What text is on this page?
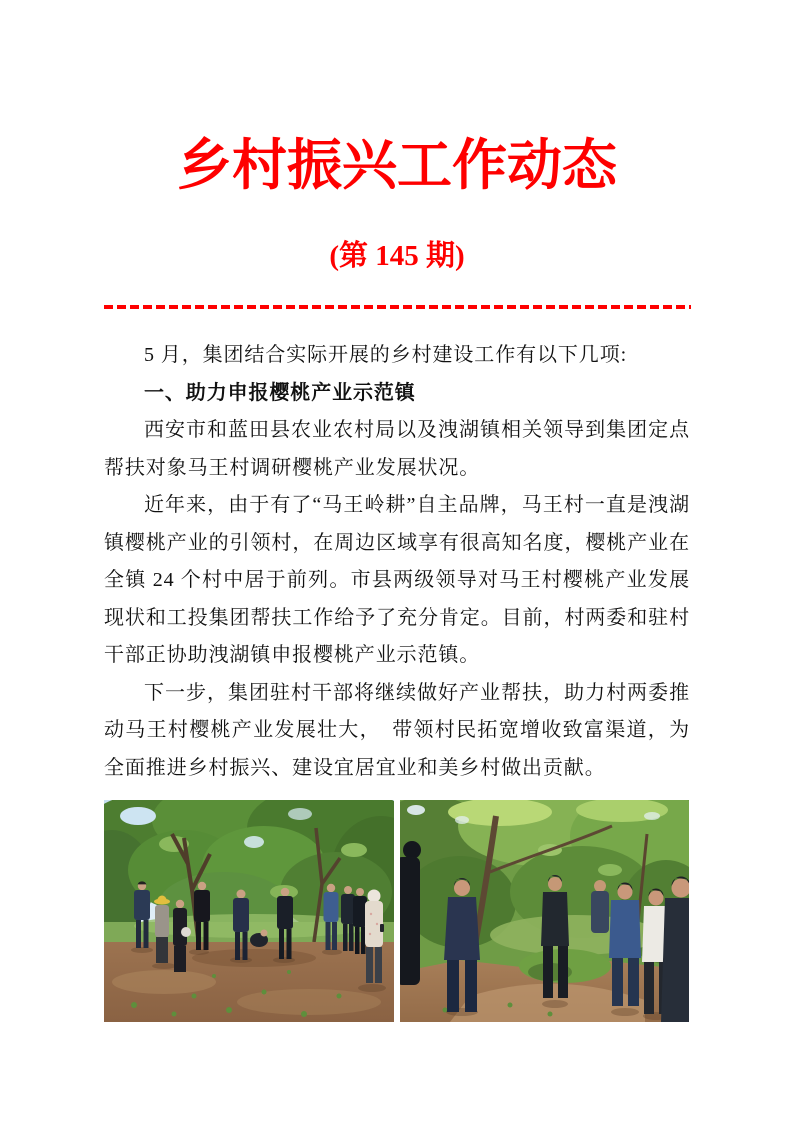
乡村振兴工作动态
(第 145 期)

5 月，集团结合实际开展的乡村建设工作有以下几项:

一、助力申报樱桃产业示范镇

西安市和蓝田县农业农村局以及洩湖镇相关领导到集团定点帮扶对象马王村调研樱桃产业发展状况。

近年来，由于有了“马王岭耕”自主品牌，马王村一直是洩湖镇樱桃产业的引领村，在周边区域享有很高知名度，樱桃产业在全镇 24 个村中居于前列。市县两级领导对马王村樱桃产业发展现状和工投集团帮扶工作给予了充分肯定。目前，村两委和驻村干部正协助洩湖镇申报樱桃产业示范镇。

下一步，集团驻村干部将继续做好产业帮扶，助力村两委推动马王村樱桃产业发展壮大，　带领村民拓宽增收致富渠道，为全面推进乡村振兴、建设宜居宜业和美乡村做出贡献。
